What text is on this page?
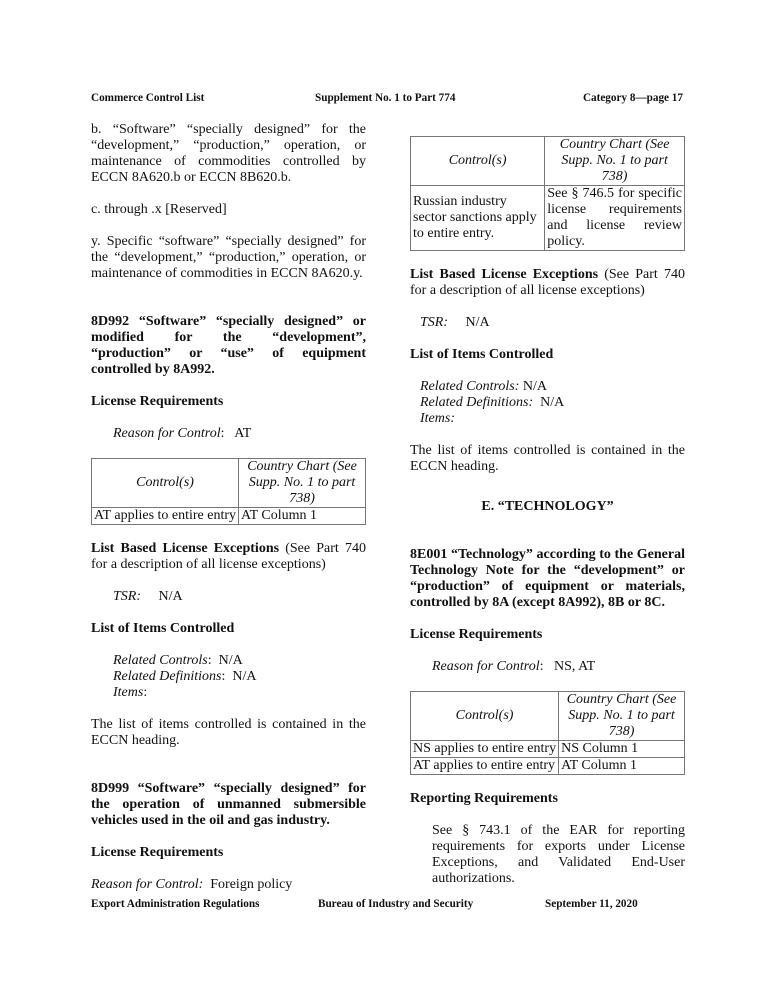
Commerce Control List	Supplement No. 1 to Part 774	Category 8—page 17

b. “Software” “specially designed” for the “development,” “production,” operation, or maintenance of commodities controlled by ECCN 8A620.b or ECCN 8B620.b.

c. through .x [Reserved]

y. Specific “software” “specially designed” for the “development,” “production,” operation, or maintenance of commodities in ECCN 8A620.y.

8D992 “Software” “specially designed” or modified for the “development”, “production” or “use” of equipment controlled by 8A992.

License Requirements

Reason for Control:   AT

Control(s)	Country Chart (See Supp. No. 1 to part 738)
AT applies to entire entry	AT Column 1

List Based License Exceptions (See Part 740 for a description of all license exceptions)

TSR: N/A

List of Items Controlled

Related Controls:  N/A

Related Definitions:  N/A

Items:

The list of items controlled is contained in the ECCN heading.

8D999 “Software” “specially designed” for the operation of unmanned submersible vehicles used in the oil and gas industry.

License Requirements

Reason for Control: Foreign policy

Control(s)	Country Chart (See Supp. No. 1 to part 738)
Russian industry sector sanctions apply to entire entry.	See § 746.5 for specific license requirements and license review policy.

List Based License Exceptions (See Part 740 for a description of all license exceptions)

TSR: N/A

List of Items Controlled

Related Controls: N/A

Related Definitions: N/A

Items:

The list of items controlled is contained in the ECCN heading.

E. “TECHNOLOGY”

8E001 “Technology” according to the General Technology Note for the “development” or “production” of equipment or materials, controlled by 8A (except 8A992), 8B or 8C.

License Requirements

Reason for Control:   NS, AT

Control(s)	Country Chart (See Supp. No. 1 to part 738)
NS applies to entire entry	NS Column 1
AT applies to entire entry	AT Column 1

Reporting Requirements

See § 743.1 of the EAR for reporting requirements for exports under License Exceptions, and Validated End-User authorizations.

Export Administration Regulations	Bureau of Industry and Security	September 11, 2020
